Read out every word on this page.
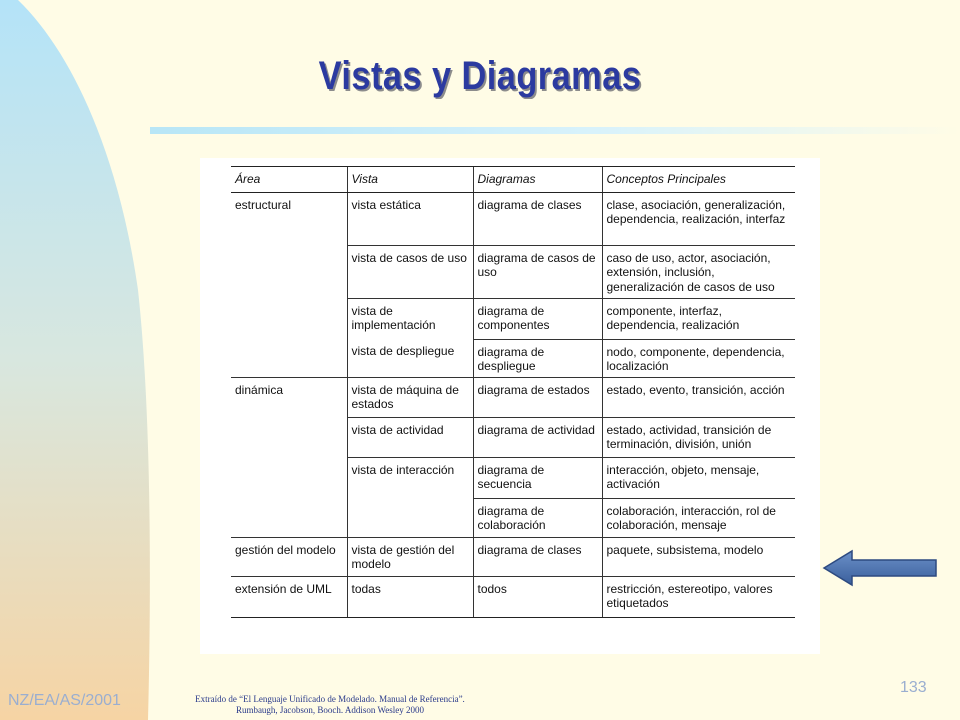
Vistas y Diagramas
Área	Vista	Diagramas	Conceptos Principales
estructural	vista estática	diagrama de clases	clase, asociación, generalización, dependencia, realización, interfaz
	vista de casos de uso	diagrama de casos de uso	caso de uso, actor, asociación, extensión, inclusión, generalización de casos de uso
	vista de implementación	diagrama de componentes	componente, interfaz, dependencia, realización
	vista de despliegue	diagrama de despliegue	nodo, componente, dependencia, localización
dinámica	vista de máquina de estados	diagrama de estados	estado, evento, transición, acción
	vista de actividad	diagrama de actividad	estado, actividad, transición de terminación, división, unión
	vista de interacción	diagrama de secuencia	interacción, objeto, mensaje, activación
		diagrama de colaboración	colaboración, interacción, rol de colaboración, mensaje
gestión del modelo	vista de gestión del modelo	diagrama de clases	paquete, subsistema, modelo
extensión de UML	todas	todos	restricción, estereotipo, valores etiquetados
NZ/EA/AS/2001
133
Extraído de “El Lenguaje Unificado de Modelado. Manual de Referencia”.
Rumbaugh, Jacobson, Booch. Addison Wesley 2000
